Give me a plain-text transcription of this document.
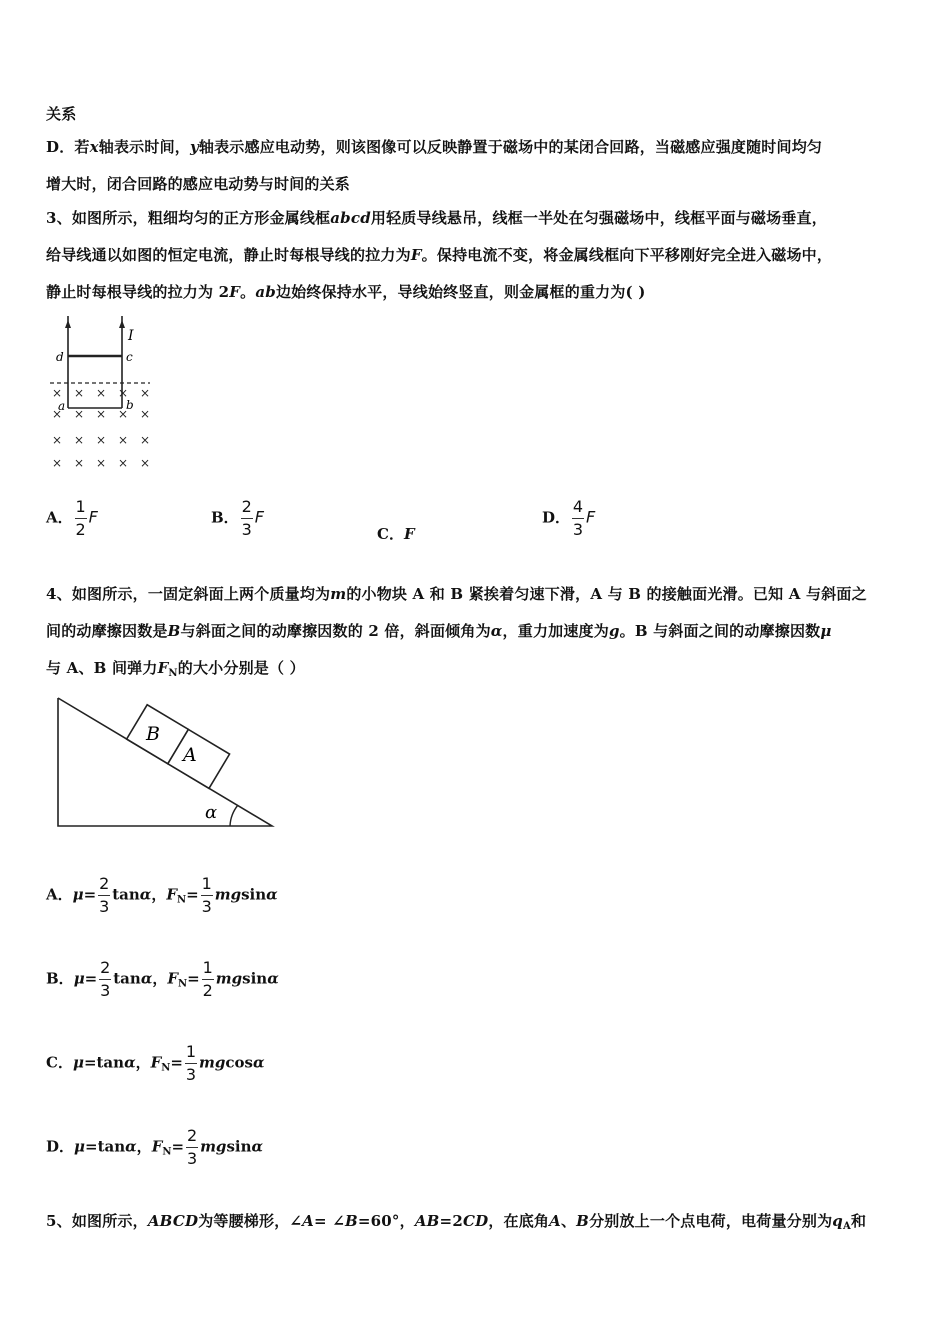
关系
D．若x轴表示时间，y轴表示感应电动势，则该图像可以反映静置于磁场中的某闭合回路，当磁感应强度随时间均匀
增大时，闭合回路的感应电动势与时间的关系
3、如图所示，粗细均匀的正方形金属线框abcd用轻质导线悬吊，线框一半处在匀强磁场中，线框平面与磁场垂直，
给导线通以如图的恒定电流，静止时每根导线的拉力为F。保持电流不变，将金属线框向下平移刚好完全进入磁场中，
静止时每根导线的拉力为 2F。ab边始终保持水平，导线始终竖直，则金属框的重力为( )
I
d	c
a	b
× × × × ×
× × × × ×
× × × × ×
× × × × ×
A． $\frac{1}{2}$ F	B． $\frac{2}{3}$ F
C．F
D． $\frac{4}{3}$ F
4、如图所示，一固定斜面上两个质量均为m的小物块 A 和 B 紧挨着匀速下滑，A 与 B 的接触面光滑。已知 A 与斜面之
间的动摩擦因数是B与斜面之间的动摩擦因数的 2 倍，斜面倾角为α，重力加速度为g。B 与斜面之间的动摩擦因数μ
与 A、B 间弹力$F_N$的大小分别是（ ）
B
A
α
A．$\mu= \frac{2}{3}$ tanα，$F_N= \frac{1}{3}$ mgsinα
B．$\mu= \frac{2}{3}$ tanα，$F_N= \frac{1}{2}$ mgsinα
C．μ=tanα，$F_N= \frac{1}{3}$ mgcosα
D．μ=tanα，$F_N= \frac{2}{3}$ mgsinα
5、如图所示，ABCD为等腰梯形，∠A= ∠B=60°，AB=2CD，在底角A、B分别放上一个点电荷，电荷量分别为$q_A$和
